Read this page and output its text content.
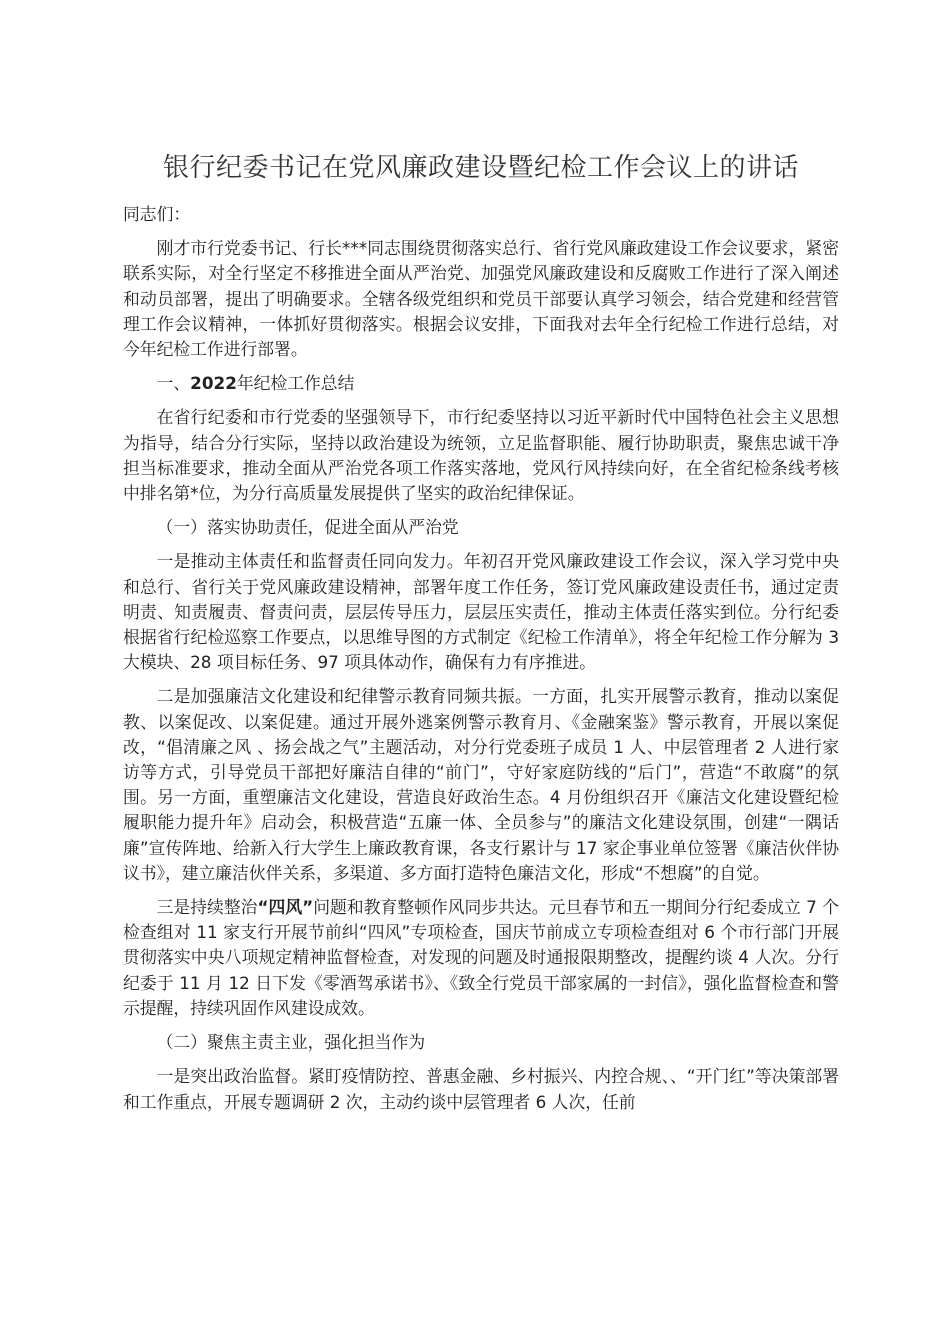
银行纪委书记在党风廉政建设暨纪检工作会议上的讲话

同志们：

刚才市行党委书记、行长***同志围绕贯彻落实总行、省行党风廉政建设工作会议要求，紧密联系实际，对全行坚定不移推进全面从严治党、加强党风廉政建设和反腐败工作进行了深入阐述和动员部署，提出了明确要求。全辖各级党组织和党员干部要认真学习领会，结合党建和经营管理工作会议精神，一体抓好贯彻落实。根据会议安排，下面我对去年全行纪检工作进行总结，对今年纪检工作进行部署。

一、2022年纪检工作总结

在省行纪委和市行党委的坚强领导下，市行纪委坚持以习近平新时代中国特色社会主义思想为指导，结合分行实际，坚持以政治建设为统领，立足监督职能、履行协助职责，聚焦忠诚干净担当标准要求，推动全面从严治党各项工作落实落地，党风行风持续向好，在全省纪检条线考核中排名第*位，为分行高质量发展提供了坚实的政治纪律保证。

（一）落实协助责任，促进全面从严治党

一是推动主体责任和监督责任同向发力。年初召开党风廉政建设工作会议，深入学习党中央和总行、省行关于党风廉政建设精神，部署年度工作任务，签订党风廉政建设责任书，通过定责明责、知责履责、督责问责，层层传导压力，层层压实责任，推动主体责任落实到位。分行纪委根据省行纪检巡察工作要点，以思维导图的方式制定《纪检工作清单》，将全年纪检工作分解为 3 大模块、28 项目标任务、97 项具体动作，确保有力有序推进。

二是加强廉洁文化建设和纪律警示教育同频共振。一方面，扎实开展警示教育，推动以案促教、以案促改、以案促建。通过开展外逃案例警示教育月、《金融案鉴》警示教育，开展以案促改，“倡清廉之风 、扬会战之气”主题活动，对分行党委班子成员 1 人、中层管理者 2 人进行家访等方式，引导党员干部把好廉洁自律的“前门”，守好家庭防线的“后门”，营造“不敢腐”的氛围。另一方面，重塑廉洁文化建设，营造良好政治生态。4 月份组织召开《廉洁文化建设暨纪检履职能力提升年》启动会，积极营造“五廉一体、全员参与”的廉洁文化建设氛围，创建“一隅话廉”宣传阵地、给新入行大学生上廉政教育课，各支行累计与 17 家企事业单位签署《廉洁伙伴协议书》，建立廉洁伙伴关系，多渠道、多方面打造特色廉洁文化，形成“不想腐”的自觉。

三是持续整治“四风”问题和教育整顿作风同步共达。元旦春节和五一期间分行纪委成立 7 个检查组对 11 家支行开展节前纠“四风”专项检查，国庆节前成立专项检查组对 6 个市行部门开展贯彻落实中央八项规定精神监督检查，对发现的问题及时通报限期整改，提醒约谈 4 人次。分行纪委于 11 月 12 日下发《零酒驾承诺书》、《致全行党员干部家属的一封信》，强化监督检查和警示提醒，持续巩固作风建设成效。

（二）聚焦主责主业，强化担当作为

一是突出政治监督。紧盯疫情防控、普惠金融、乡村振兴、内控合规、、“开门红”等决策部署和工作重点，开展专题调研 2 次，主动约谈中层管理者 6 人次，任前
